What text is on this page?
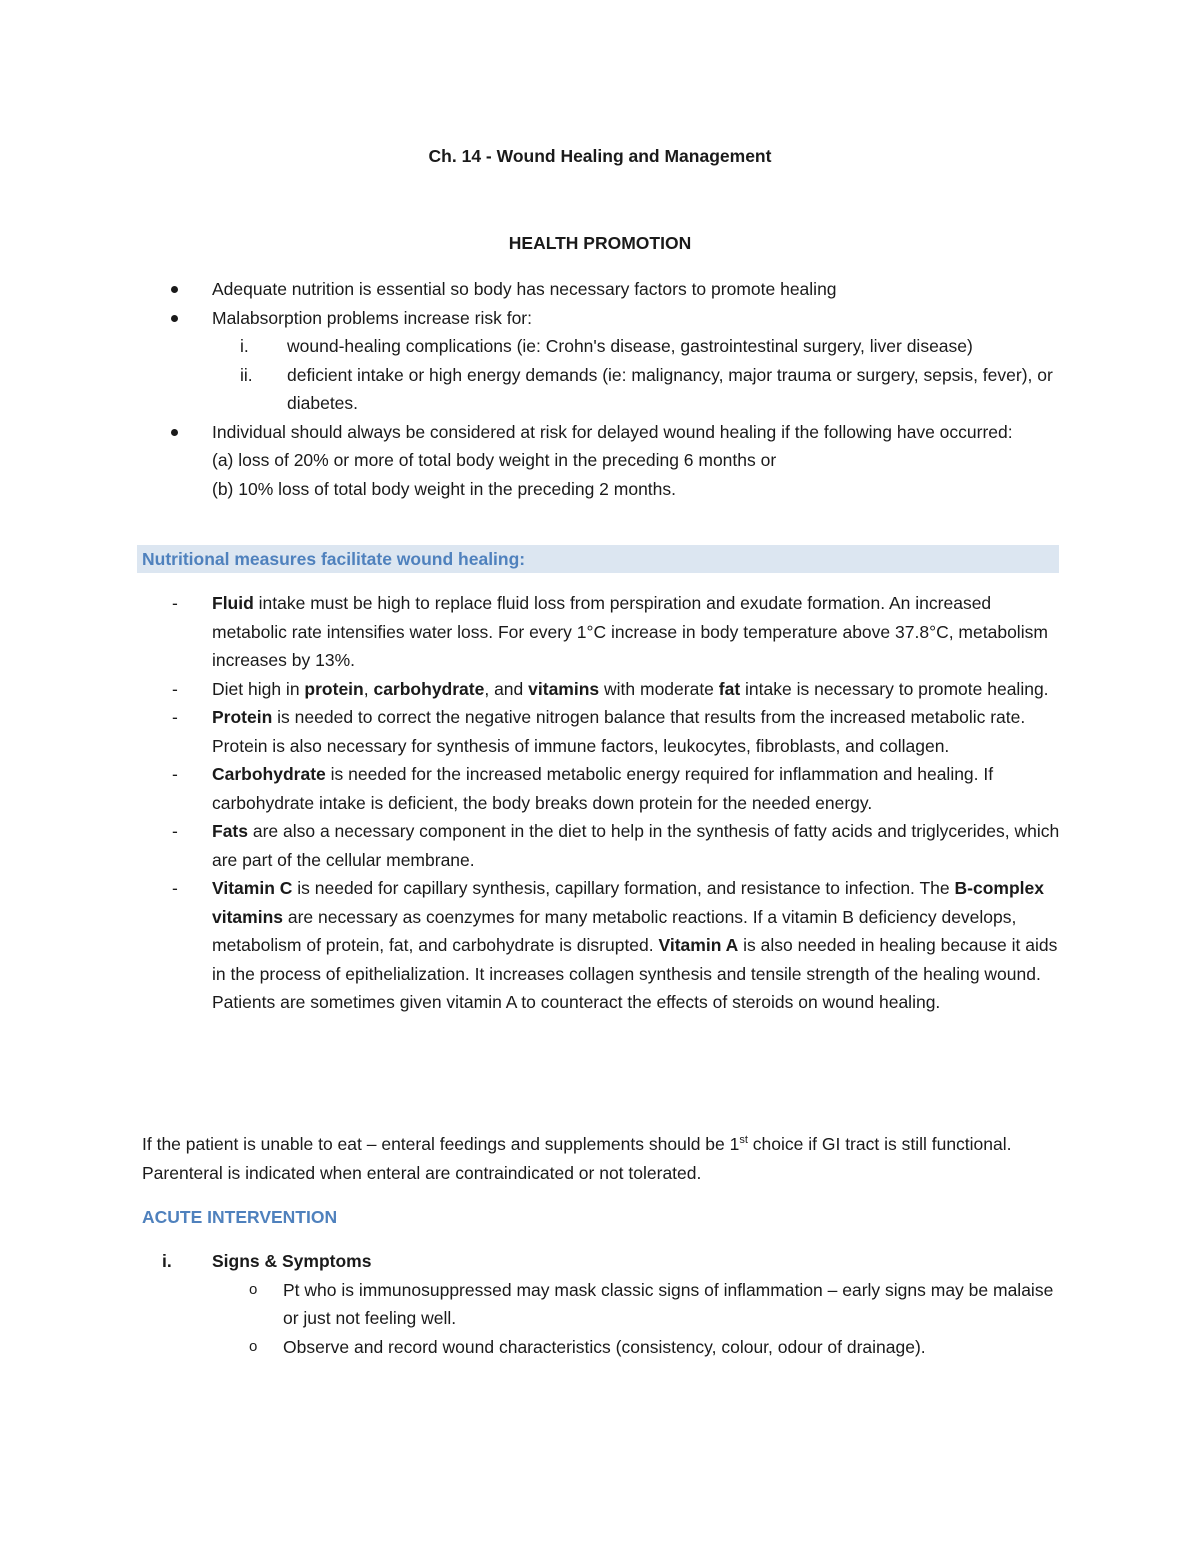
Ch. 14 - Wound Healing and Management
HEALTH PROMOTION
Adequate nutrition is essential so body has necessary factors to promote healing
Malabsorption problems increase risk for:
i.	wound-healing complications (ie: Crohn's disease, gastrointestinal surgery, liver disease)
ii.	deficient intake or high energy demands (ie: malignancy, major trauma or surgery, sepsis, fever), or diabetes.
Individual should always be considered at risk for delayed wound healing if the following have occurred:
(a) loss of 20% or more of total body weight in the preceding 6 months or
(b) 10% loss of total body weight in the preceding 2 months.
Nutritional measures facilitate wound healing:
- Fluid intake must be high to replace fluid loss from perspiration and exudate formation. An increased metabolic rate intensifies water loss. For every 1°C increase in body temperature above 37.8°C, metabolism increases by 13%.
- Diet high in protein, carbohydrate, and vitamins with moderate fat intake is necessary to promote healing.
- Protein is needed to correct the negative nitrogen balance that results from the increased metabolic rate. Protein is also necessary for synthesis of immune factors, leukocytes, fibroblasts, and collagen.
- Carbohydrate is needed for the increased metabolic energy required for inflammation and healing. If carbohydrate intake is deficient, the body breaks down protein for the needed energy.
- Fats are also a necessary component in the diet to help in the synthesis of fatty acids and triglycerides, which are part of the cellular membrane.
- Vitamin C is needed for capillary synthesis, capillary formation, and resistance to infection. The B-complex vitamins are necessary as coenzymes for many metabolic reactions. If a vitamin B deficiency develops, metabolism of protein, fat, and carbohydrate is disrupted. Vitamin A is also needed in healing because it aids in the process of epithelialization. It increases collagen synthesis and tensile strength of the healing wound. Patients are sometimes given vitamin A to counteract the effects of steroids on wound healing.
If the patient is unable to eat – enteral feedings and supplements should be 1st choice if GI tract is still functional. Parenteral is indicated when enteral are contraindicated or not tolerated.
ACUTE INTERVENTION
i. Signs & Symptoms
o Pt who is immunosuppressed may mask classic signs of inflammation – early signs may be malaise or just not feeling well.
o Observe and record wound characteristics (consistency, colour, odour of drainage).
